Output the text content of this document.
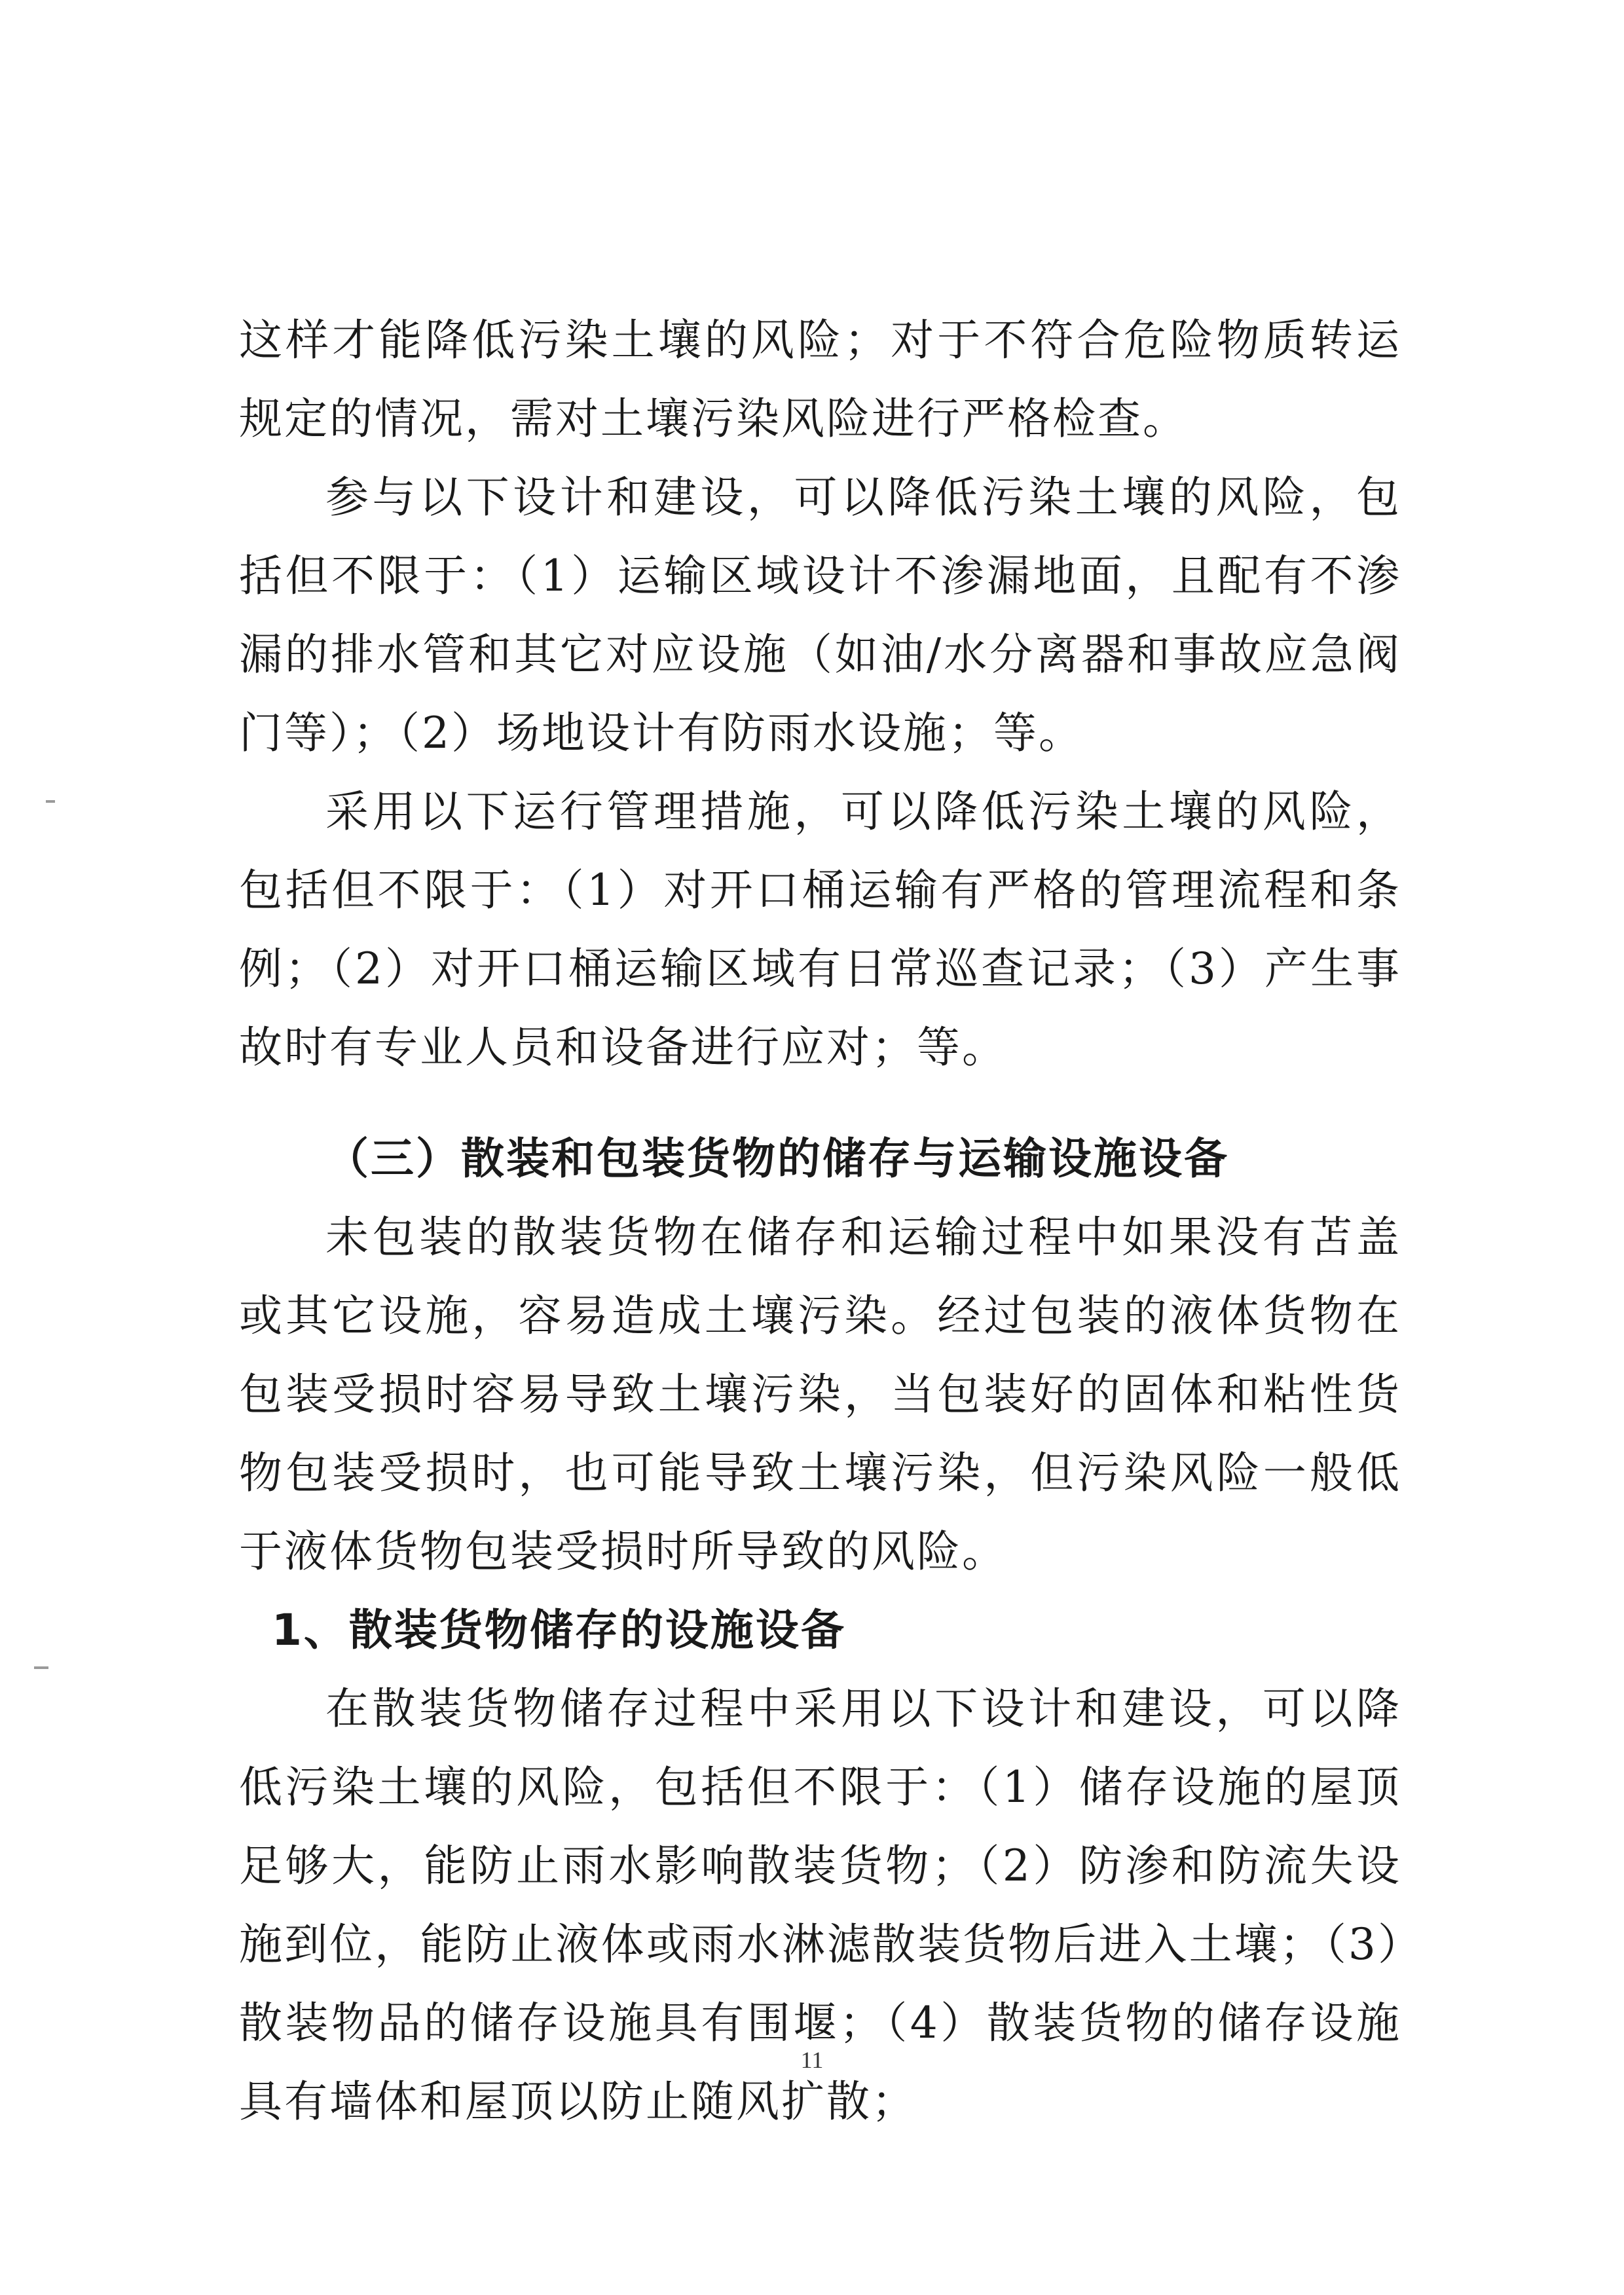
这样才能降低污染土壤的风险；对于不符合危险物质转运规定的情况，需对土壤污染风险进行严格检查。

参与以下设计和建设，可以降低污染土壤的风险，包括但不限于：（1）运输区域设计不渗漏地面，且配有不渗漏的排水管和其它对应设施（如油/水分离器和事故应急阀门等）；（2）场地设计有防雨水设施；等。

采用以下运行管理措施，可以降低污染土壤的风险，包括但不限于：（1）对开口桶运输有严格的管理流程和条例；（2）对开口桶运输区域有日常巡查记录；（3）产生事故时有专业人员和设备进行应对；等。

（三）散装和包装货物的储存与运输设施设备

未包装的散装货物在储存和运输过程中如果没有苫盖或其它设施，容易造成土壤污染。经过包装的液体货物在包装受损时容易导致土壤污染，当包装好的固体和粘性货物包装受损时，也可能导致土壤污染，但污染风险一般低于液体货物包装受损时所导致的风险。

1、散装货物储存的设施设备

在散装货物储存过程中采用以下设计和建设，可以降低污染土壤的风险，包括但不限于：（1）储存设施的屋顶足够大，能防止雨水影响散装货物；（2）防渗和防流失设施到位，能防止液体或雨水淋滤散装货物后进入土壤；（3）散装物品的储存设施具有围堰；（4）散装货物的储存设施具有墙体和屋顶以防止随风扩散；

11
